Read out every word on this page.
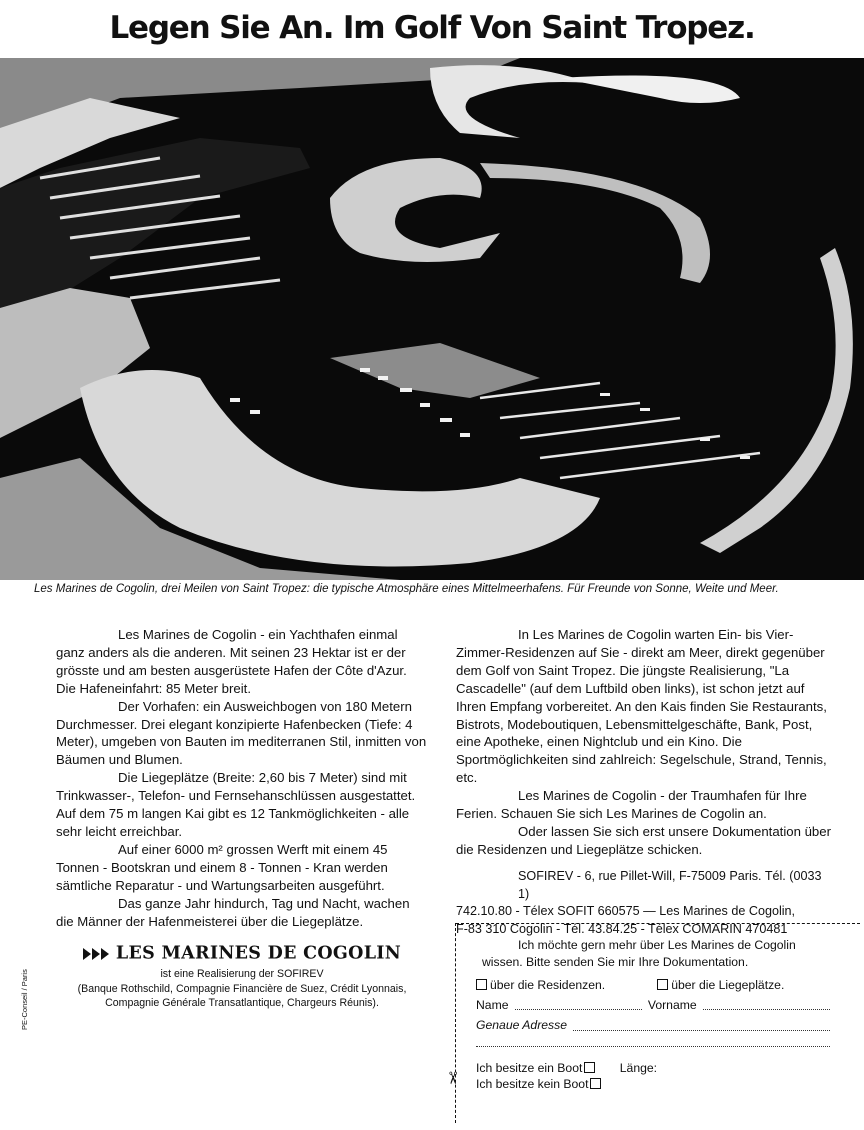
Legen Sie An. Im Golf Von Saint Tropez.
Les Marines de Cogolin, drei Meilen von Saint Tropez: die typische Atmosphäre eines Mittelmeerhafens. Für Freunde von Sonne, Weite und Meer.

Les Marines de Cogolin - ein Yachthafen einmal ganz anders als die anderen. Mit seinen 23 Hektar ist er der grösste und am besten ausgerüstete Hafen der Côte d'Azur. Die Hafeneinfahrt: 85 Meter breit.

Der Vorhafen: ein Ausweichbogen von 180 Metern Durchmesser. Drei elegant konzipierte Hafenbecken (Tiefe: 4 Meter), umgeben von Bauten im mediterranen Stil, inmitten von Bäumen und Blumen.

Die Liegeplätze (Breite: 2,60 bis 7 Meter) sind mit Trinkwasser-, Telefon- und Fernsehanschlüssen ausgestattet. Auf dem 75 m langen Kai gibt es 12 Tankmöglichkeiten - alle sehr leicht erreichbar.

Auf einer 6000 m² grossen Werft mit einem 45 Tonnen - Bootskran und einem 8 - Tonnen - Kran werden sämtliche Reparatur - und Wartungsarbeiten ausgeführt.

Das ganze Jahr hindurch, Tag und Nacht, wachen die Männer der Hafenmeisterei über die Liegeplätze.

LES MARINES DE COGOLIN

ist eine Realisierung der SOFIREV

(Banque Rothschild, Compagnie Financière de Suez, Crédit Lyonnais,

Compagnie Générale Transatlantique, Chargeurs Réunis).

In Les Marines de Cogolin warten Ein- bis Vier-Zimmer-Residenzen auf Sie - direkt am Meer, direkt gegenüber dem Golf von Saint Tropez. Die jüngste Realisierung, "La Cascadelle" (auf dem Luftbild oben links), ist schon jetzt auf Ihren Empfang vorbereitet. An den Kais finden Sie Restaurants, Bistrots, Modeboutiquen, Lebensmittelgeschäfte, Bank, Post, eine Apotheke, einen Nightclub und ein Kino. Die Sportmöglichkeiten sind zahlreich: Segelschule, Strand, Tennis, etc.

Les Marines de Cogolin - der Traumhafen für Ihre Ferien. Schauen Sie sich Les Marines de Cogolin an.

Oder lassen Sie sich erst unsere Dokumentation über die Residenzen und Liegeplätze schicken.

SOFIREV - 6, rue Pillet-Will, F-75009 Paris. Tél. (0033 1)

742.10.80 - Télex SOFIT 660575 — Les Marines de Cogolin,

F-83 310 Cogolin - Tél. 43.84.25 - Télex COMARIN 470481

✂

Ich möchte gern mehr über Les Marines de Cogolin

wissen. Bitte senden Sie mir Ihre Dokumentation.

über die Residenzen.	über die Liegeplätze.
Name	Vorname
Genaue Adresse
Ich besitze ein Boot	Länge:
Ich besitze kein Boot
PE-Conseil / Paris
